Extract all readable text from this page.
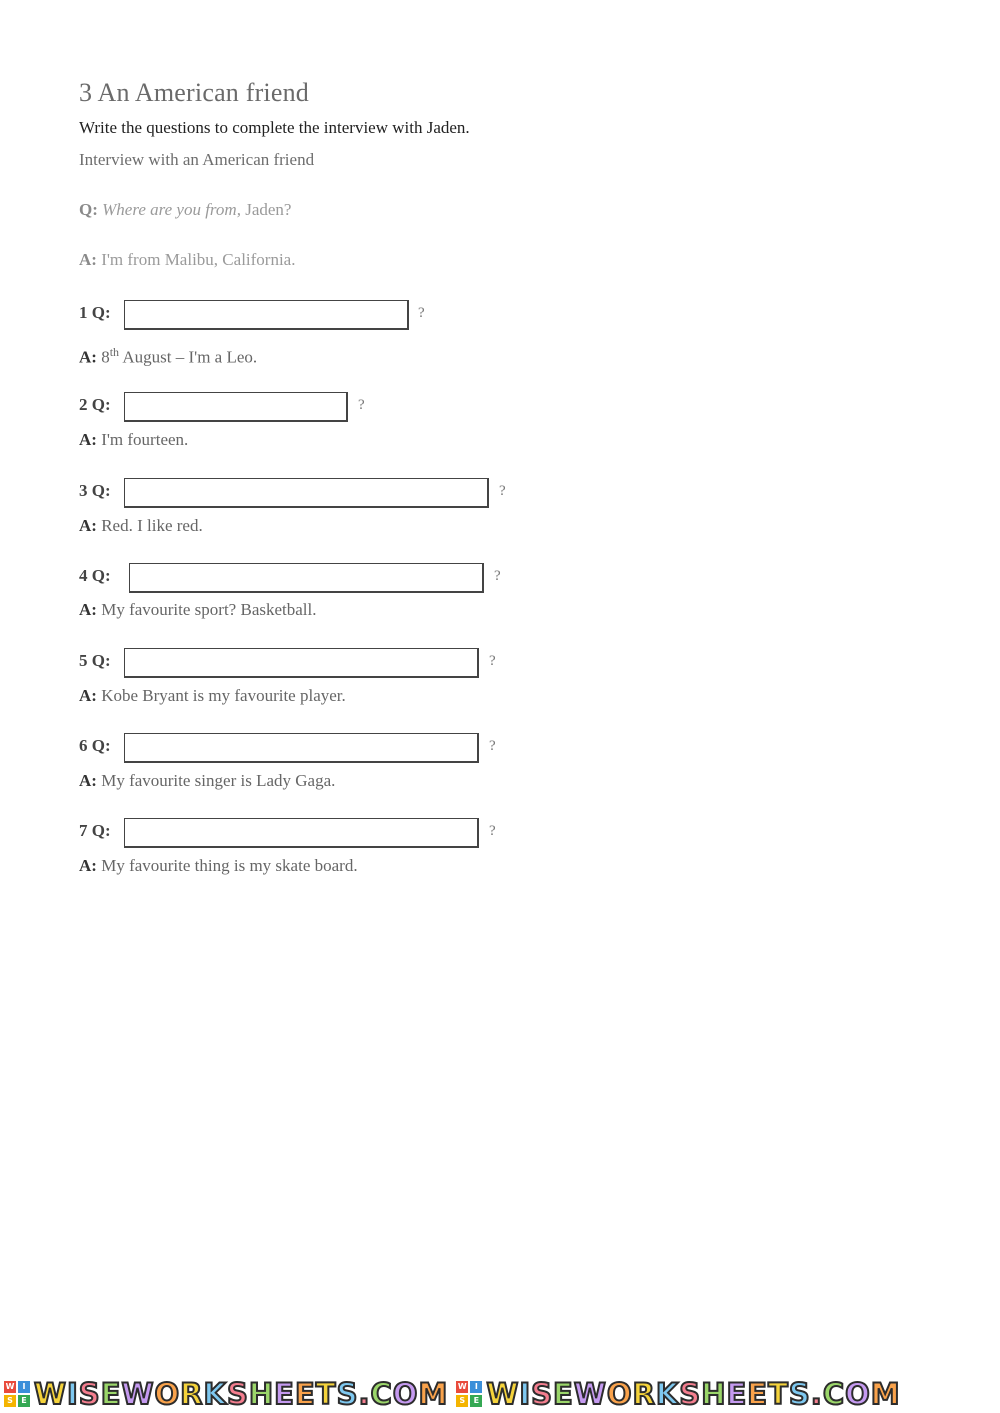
3 An American friend
Write the questions to complete the interview with Jaden.
Interview with an American friend
Q: Where are you from, Jaden?
A: I'm from Malibu, California.
1 Q:	?
A: 8th August – I'm a Leo.
2 Q:	?
A: I'm fourteen.
3 Q:	?
A: Red. I like red.
4 Q:	?
A: My favourite sport? Basketball.
5 Q:	?
A: Kobe Bryant is my favourite player.
6 Q:	?
A: My favourite singer is Lady Gaga.
7 Q:	?
A: My favourite thing is my skate board.
W	I
S	E WISEWORKSHEETS.COM W	I
S	E WISEWORKSHEETS.COM
